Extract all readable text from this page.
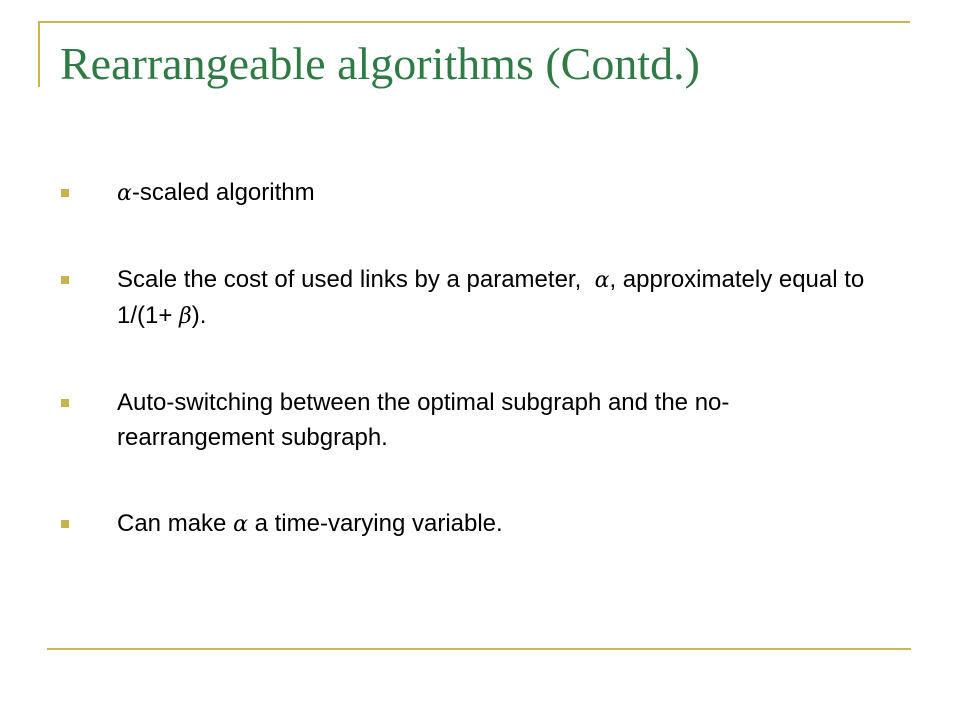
Rearrangeable algorithms (Contd.)
α-scaled algorithm
Scale the cost of used links by a parameter,  α, approximately equal to 1/(1+ β).
Auto-switching between the optimal subgraph and the no-rearrangement subgraph.
Can make α a time-varying variable.
